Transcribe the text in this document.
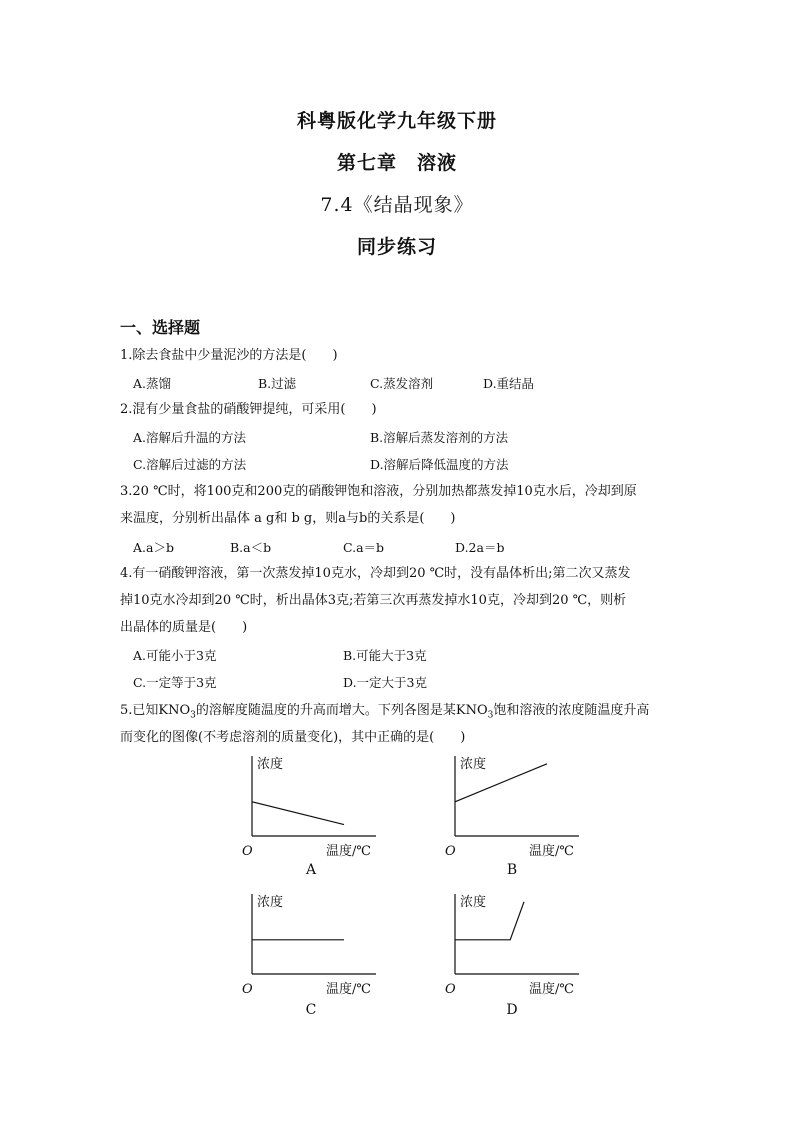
科粤版化学九年级下册
第七章　溶液
7.4《结晶现象》
同步练习
一、选择题
1.除去食盐中少量泥沙的方法是(　　)
A.蒸馏	B.过滤	C.蒸发溶剂	D.重结晶
2.混有少量食盐的硝酸钾提纯，可采用(　　)
A.溶解后升温的方法	B.溶解后蒸发溶剂的方法
C.溶解后过滤的方法	D.溶解后降低温度的方法
3.20 ℃时，将100克和200克的硝酸钾饱和溶液，分别加热都蒸发掉10克水后，冷却到原
来温度，分别析出晶体 a g和 b g，则a与b的关系是(　　)
A.a＞b	B.a＜b	C.a＝b	D.2a＝b
4.有一硝酸钾溶液，第一次蒸发掉10克水，冷却到20 ℃时，没有晶体析出;第二次又蒸发
掉10克水冷却到20 ℃时，析出晶体3克;若第三次再蒸发掉水10克，冷却到20 ℃，则析
出晶体的质量是(　　)
A.可能小于3克	B.可能大于3克
C.一定等于3克	D.一定大于3克
5.已知$KNO_3$的溶解度随温度的升高而增大。下列各图是某$KNO_3$饱和溶液的浓度随温度升高
而变化的图像(不考虑溶剂的质量变化)，其中正确的是(　　)
浓度
温度/℃
O
A
浓度
温度/℃
O
B
浓度
温度/℃
O
C
浓度
温度/℃
O
D
